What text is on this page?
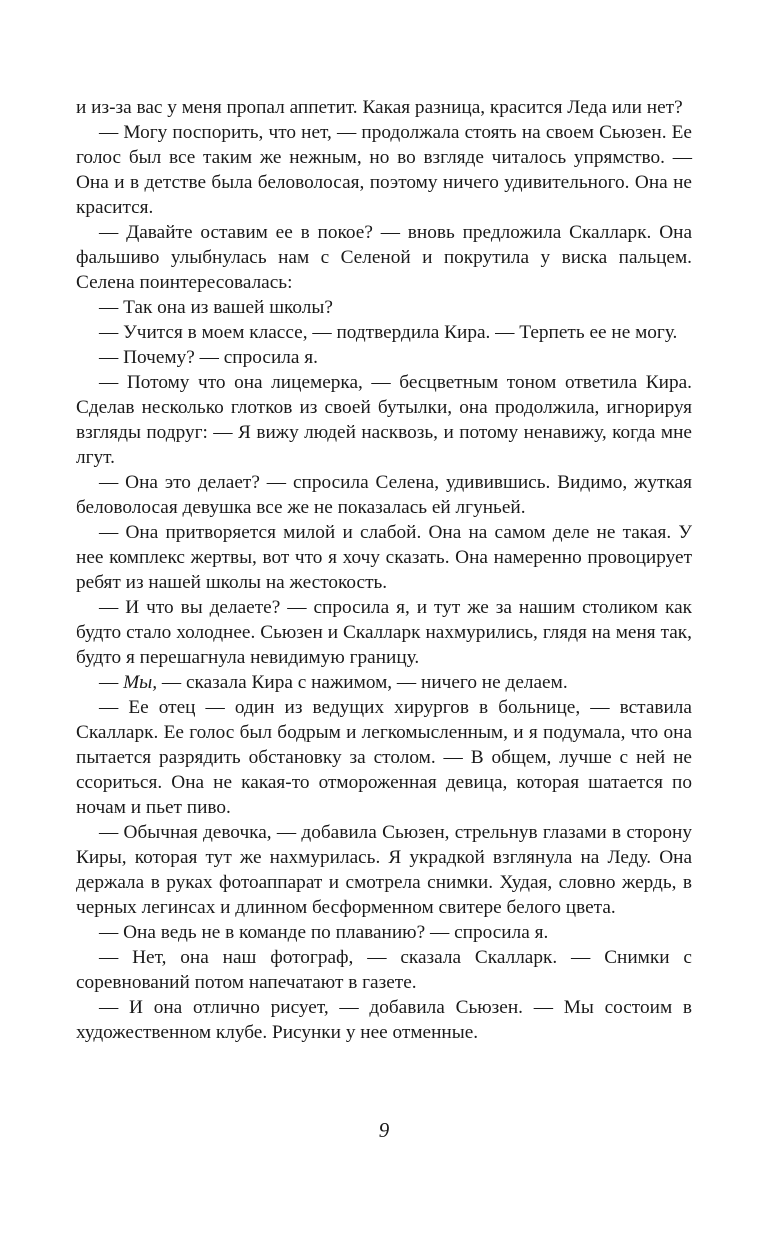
и из-за вас у меня пропал аппетит. Какая разница, красится Леда или нет?

— Могу поспорить, что нет, — продолжала стоять на своем Сьюзен. Ее голос был все таким же нежным, но во взгляде читалось упрямство. — Она и в детстве была беловолосая, поэтому ничего удивительного. Она не красится.

— Давайте оставим ее в покое? — вновь предложила Скалларк. Она фальшиво улыбнулась нам с Селеной и покрутила у виска пальцем. Селена поинтересовалась:

— Так она из вашей школы?

— Учится в моем классе, — подтвердила Кира. — Терпеть ее не могу.

— Почему? — спросила я.

— Потому что она лицемерка, — бесцветным тоном ответила Кира. Сделав несколько глотков из своей бутылки, она продолжила, игнорируя взгляды подруг: — Я вижу людей насквозь, и потому ненавижу, когда мне лгут.

— Она это делает? — спросила Селена, удивившись. Видимо, жуткая беловолосая девушка все же не показалась ей лгуньей.

— Она притворяется милой и слабой. Она на самом деле не такая. У нее комплекс жертвы, вот что я хочу сказать. Она намеренно провоцирует ребят из нашей школы на жестокость.

— И что вы делаете? — спросила я, и тут же за нашим столиком как будто стало холоднее. Сьюзен и Скалларк нахмурились, глядя на меня так, будто я перешагнула невидимую границу.

— Мы, — сказала Кира с нажимом, — ничего не делаем.

— Ее отец — один из ведущих хирургов в больнице, — вставила Скалларк. Ее голос был бодрым и легкомысленным, и я подумала, что она пытается разрядить обстановку за столом. — В общем, лучше с ней не ссориться. Она не какая-то отмороженная девица, которая шатается по ночам и пьет пиво.

— Обычная девочка, — добавила Сьюзен, стрельнув глазами в сторону Киры, которая тут же нахмурилась. Я украдкой взглянула на Леду. Она держала в руках фотоаппарат и смотрела снимки. Худая, словно жердь, в черных легинсах и длинном бесформенном свитере белого цвета.

— Она ведь не в команде по плаванию? — спросила я.

— Нет, она наш фотограф, — сказала Скалларк. — Снимки с соревнований потом напечатают в газете.

— И она отлично рисует, — добавила Сьюзен. — Мы состоим в художественном клубе. Рисунки у нее отменные.

9
